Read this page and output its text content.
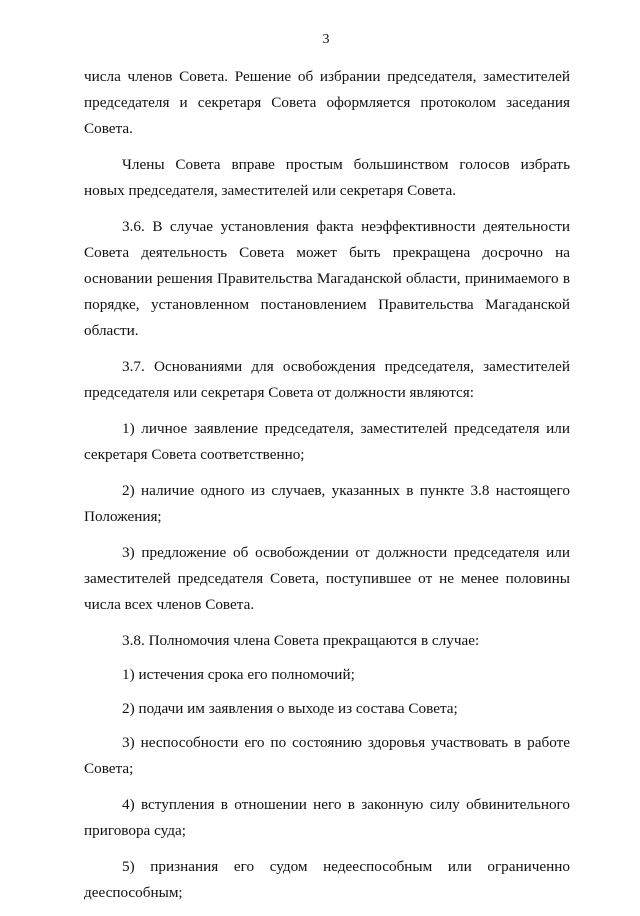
3

числа членов Совета. Решение об избрании председателя, заместителей председателя и секретаря Совета оформляется протоколом заседания Совета.

Члены Совета вправе простым большинством голосов избрать новых председателя, заместителей или секретаря Совета.

3.6. В случае установления факта неэффективности деятельности Совета деятельность Совета может быть прекращена досрочно на основании решения Правительства Магаданской области, принимаемого в порядке, установленном постановлением Правительства Магаданской области.

3.7. Основаниями для освобождения председателя, заместителей председателя или секретаря Совета от должности являются:

1) личное заявление председателя, заместителей председателя или секретаря Совета соответственно;

2) наличие одного из случаев, указанных в пункте 3.8 настоящего Положения;

3) предложение об освобождении от должности председателя или заместителей председателя Совета, поступившее от не менее половины числа всех членов Совета.

3.8. Полномочия члена Совета прекращаются в случае:

1) истечения срока его полномочий;

2) подачи им заявления о выходе из состава Совета;

3) неспособности его по состоянию здоровья участвовать в работе Совета;

4) вступления в отношении него в законную силу обвинительного приговора суда;

5) признания его судом недееспособным или ограниченно дееспособным;
